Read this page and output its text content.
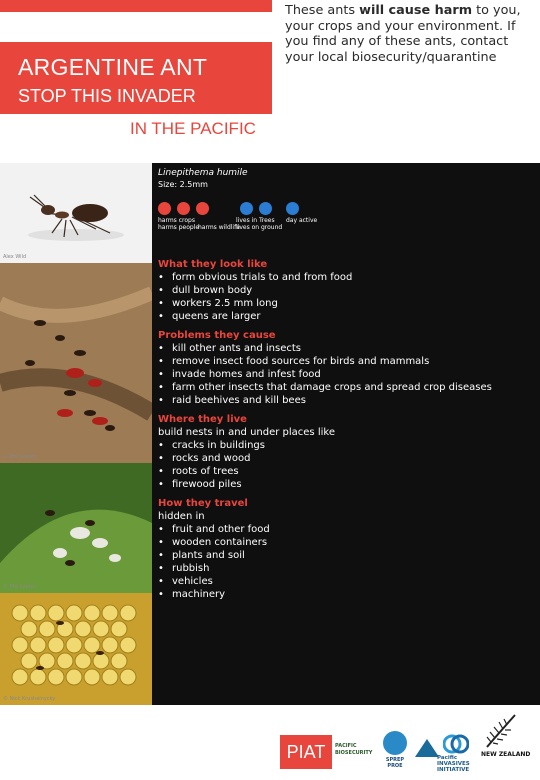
ARGENTINE ANT
STOP THIS INVADER
IN THE PACIFIC
These ants will cause harm to you, your crops and your environment. If you find any of these ants, contact your local biosecurity/quarantine
Alex Wild
© Phil Lester
© Phil Lester
© Nick Krushelnycky
Linepithema humile
Size: 2.5mm
harms crops
harms people
harms wildlife
lives in Trees
lives on ground
day active

What they look like

• form obvious trials to and from food
• dull brown body
• workers 2.5 mm long
• queens are larger

Problems they cause

• kill other ants and insects
• remove insect food sources for birds and mammals
• invade homes and infest food
• farm other insects that damage crops and spread crop diseases
• raid beehives and kill bees

Where they live

build nests in and under places like

• cracks in buildings
• rocks and wood
• roots of trees
• firewood piles

How they travel

hidden in

• fruit and other food
• wooden containers
• plants and soil
• rubbish
• vehicles
• machinery
PIAT	PACIFIC BIOSECURITY
SPREP PROE
Pacific INVASIVES INITIATIVE
NEW ZEALAND
